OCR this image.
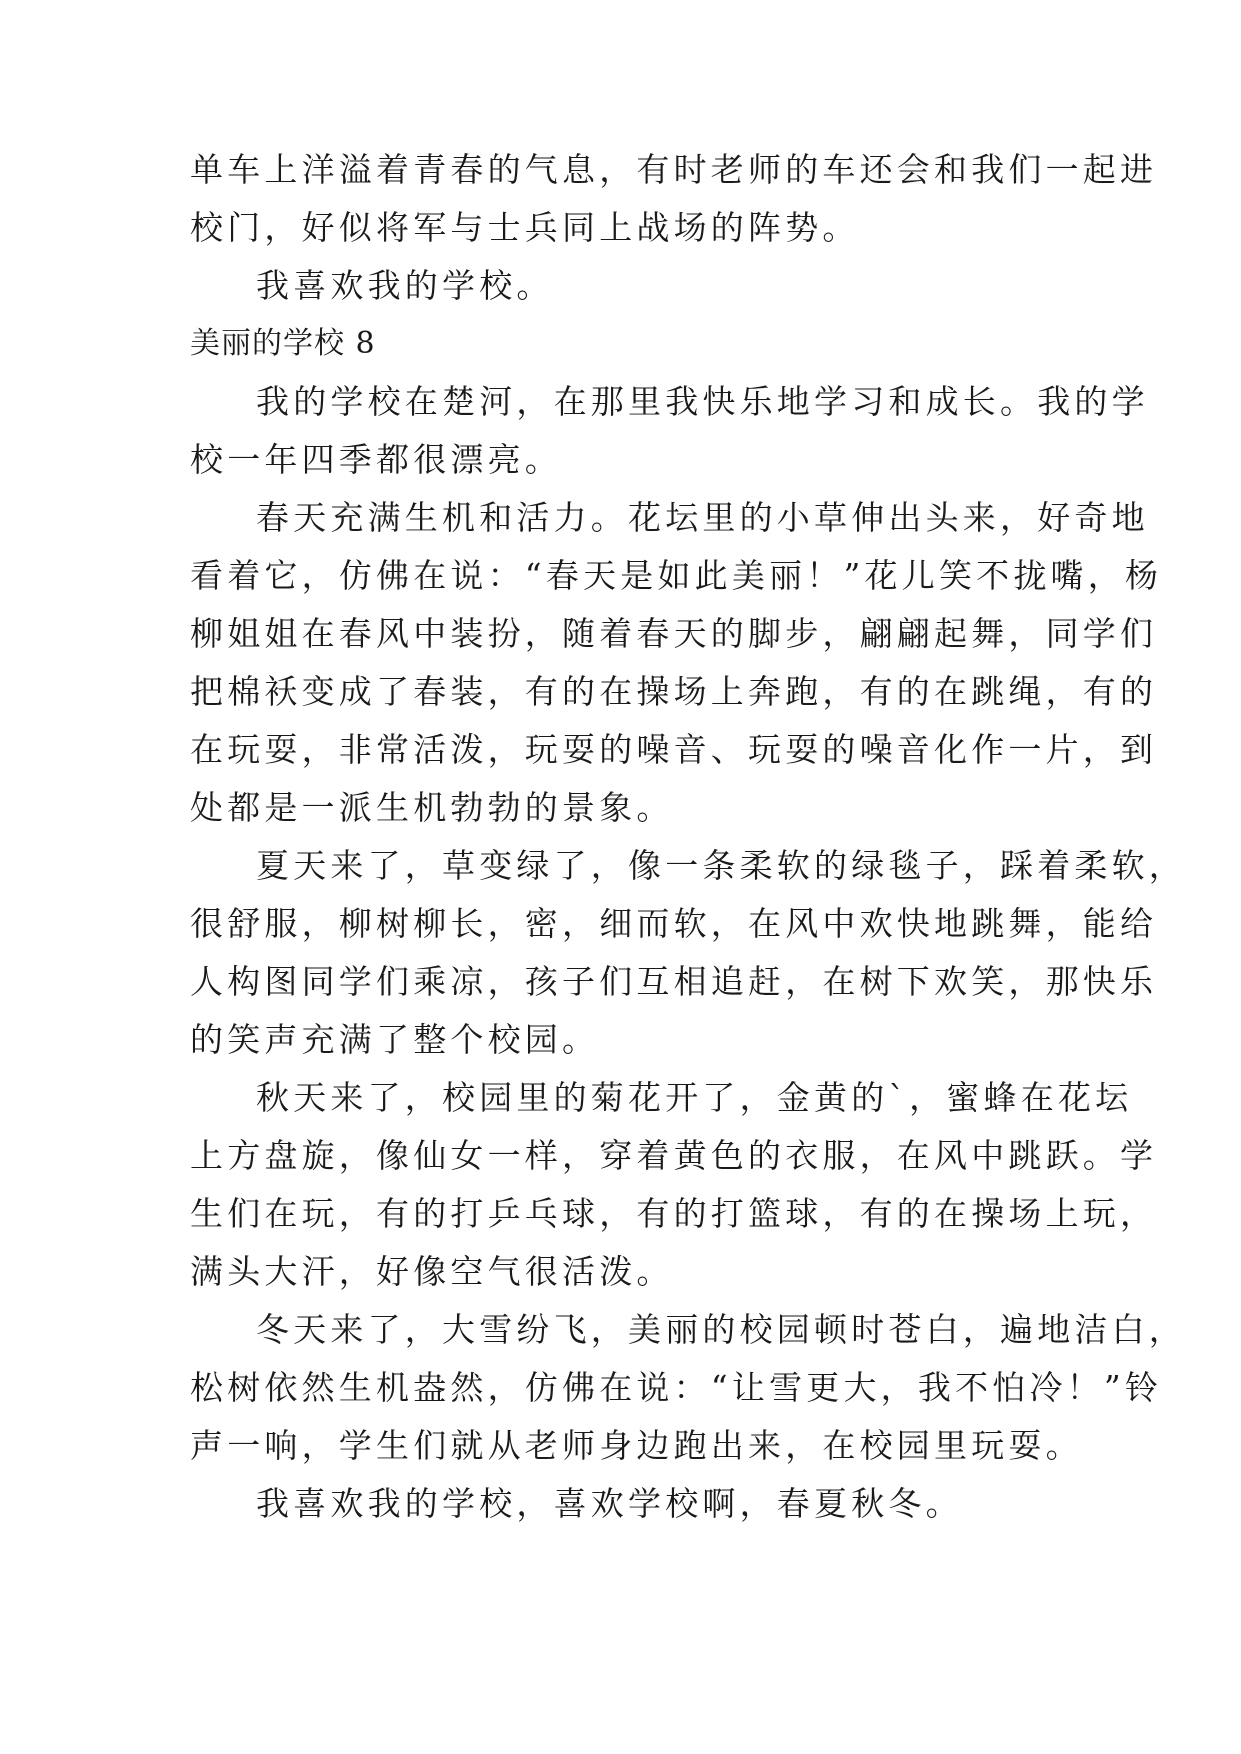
单车上洋溢着青春的气息，有时老师的车还会和我们一起进
校门，好似将军与士兵同上战场的阵势。
我喜欢我的学校。
美丽的学校 8
我的学校在楚河，在那里我快乐地学习和成长。我的学
校一年四季都很漂亮。
春天充满生机和活力。花坛里的小草伸出头来，好奇地
看着它，仿佛在说：“春天是如此美丽！”花儿笑不拢嘴，杨
柳姐姐在春风中装扮，随着春天的脚步，翩翩起舞，同学们
把棉袄变成了春装，有的在操场上奔跑，有的在跳绳，有的
在玩耍，非常活泼，玩耍的噪音、玩耍的噪音化作一片，到
处都是一派生机勃勃的景象。
夏天来了，草变绿了，像一条柔软的绿毯子，踩着柔软，
很舒服，柳树柳长，密，细而软，在风中欢快地跳舞，能给
人构图同学们乘凉，孩子们互相追赶，在树下欢笑，那快乐
的笑声充满了整个校园。
秋天来了，校园里的菊花开了，金黄的`，蜜蜂在花坛
上方盘旋，像仙女一样，穿着黄色的衣服，在风中跳跃。学
生们在玩，有的打乒乓球，有的打篮球，有的在操场上玩，
满头大汗，好像空气很活泼。
冬天来了，大雪纷飞，美丽的校园顿时苍白，遍地洁白，
松树依然生机盎然，仿佛在说：“让雪更大，我不怕冷！”铃
声一响，学生们就从老师身边跑出来，在校园里玩耍。
我喜欢我的学校，喜欢学校啊，春夏秋冬。
